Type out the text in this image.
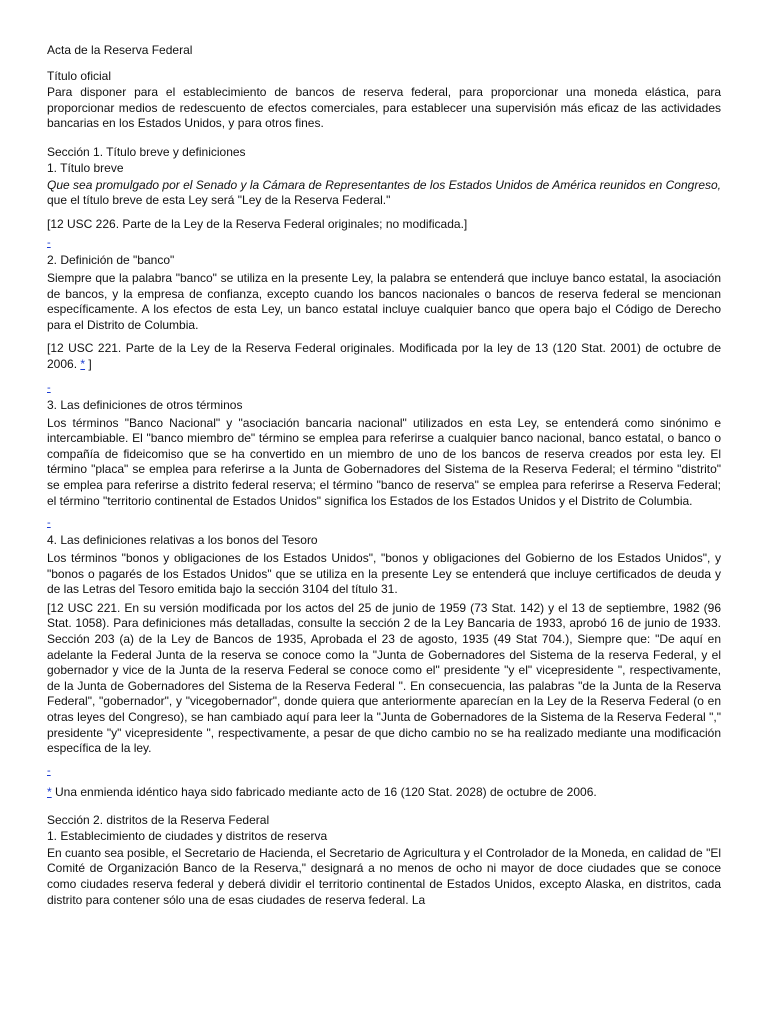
Acta de la Reserva Federal

Título oficial

Para disponer para el establecimiento de bancos de reserva federal, para proporcionar una moneda elástica, para proporcionar medios de redescuento de efectos comerciales, para establecer una supervisión más eficaz de las actividades bancarias en los Estados Unidos, y para otros fines.

Sección 1. Título breve y definiciones

1. Título breve

Que sea promulgado por el Senado y la Cámara de Representantes de los Estados Unidos de América reunidos en Congreso, que el título breve de esta Ley será "Ley de la Reserva Federal."

[12 USC 226. Parte de la Ley de la Reserva Federal originales; no modificada.]

-

2. Definición de "banco"

Siempre que la palabra "banco" se utiliza en la presente Ley, la palabra se entenderá que incluye banco estatal, la asociación de bancos, y la empresa de confianza, excepto cuando los bancos nacionales o bancos de reserva federal se mencionan específicamente. A los efectos de esta Ley, un banco estatal incluye cualquier banco que opera bajo el Código de Derecho para el Distrito de Columbia.

[12 USC 221. Parte de la Ley de la Reserva Federal originales. Modificada por la ley de 13 (120 Stat. 2001) de octubre de 2006. * ]

-

3. Las definiciones de otros términos

Los términos "Banco Nacional" y "asociación bancaria nacional" utilizados en esta Ley, se entenderá como sinónimo e intercambiable. El "banco miembro de" término se emplea para referirse a cualquier banco nacional, banco estatal, o banco o compañía de fideicomiso que se ha convertido en un miembro de uno de los bancos de reserva creados por esta ley. El término "placa" se emplea para referirse a la Junta de Gobernadores del Sistema de la Reserva Federal; el término "distrito" se emplea para referirse a distrito federal reserva; el término "banco de reserva" se emplea para referirse a Reserva Federal; el término "territorio continental de Estados Unidos" significa los Estados de los Estados Unidos y el Distrito de Columbia.

-

4. Las definiciones relativas a los bonos del Tesoro

Los términos "bonos y obligaciones de los Estados Unidos", "bonos y obligaciones del Gobierno de los Estados Unidos", y "bonos o pagarés de los Estados Unidos" que se utiliza en la presente Ley se entenderá que incluye certificados de deuda y de las Letras del Tesoro emitida bajo la sección 3104 del título 31.

[12 USC 221. En su versión modificada por los actos del 25 de junio de 1959 (73 Stat. 142) y el 13 de septiembre, 1982 (96 Stat. 1058). Para definiciones más detalladas, consulte la sección 2 de la Ley Bancaria de 1933, aprobó 16 de junio de 1933. Sección 203 (a) de la Ley de Bancos de 1935, Aprobada el 23 de agosto, 1935 (49 Stat 704.), Siempre que: "De aquí en adelante la Federal Junta de la reserva se conoce como la "Junta de Gobernadores del Sistema de la reserva Federal, y el gobernador y vice de la Junta de la reserva Federal se conoce como el" presidente "y el" vicepresidente ", respectivamente, de la Junta de Gobernadores del Sistema de la Reserva Federal ". En consecuencia, las palabras "de la Junta de la Reserva Federal", "gobernador", y "vicegobernador", donde quiera que anteriormente aparecían en la Ley de la Reserva Federal (o en otras leyes del Congreso), se han cambiado aquí para leer la "Junta de Gobernadores de la Sistema de la Reserva Federal "," presidente "y" vicepresidente ", respectivamente, a pesar de que dicho cambio no se ha realizado mediante una modificación específica de la ley.

-

* Una enmienda idéntico haya sido fabricado mediante acto de 16 (120 Stat. 2028) de octubre de 2006.

Sección 2. distritos de la Reserva Federal

1. Establecimiento de ciudades y distritos de reserva

En cuanto sea posible, el Secretario de Hacienda, el Secretario de Agricultura y el Controlador de la Moneda, en calidad de "El Comité de Organización Banco de la Reserva," designará a no menos de ocho ni mayor de doce ciudades que se conoce como ciudades reserva federal y deberá dividir el territorio continental de Estados Unidos, excepto Alaska, en distritos, cada distrito para contener sólo una de esas ciudades de reserva federal. La
